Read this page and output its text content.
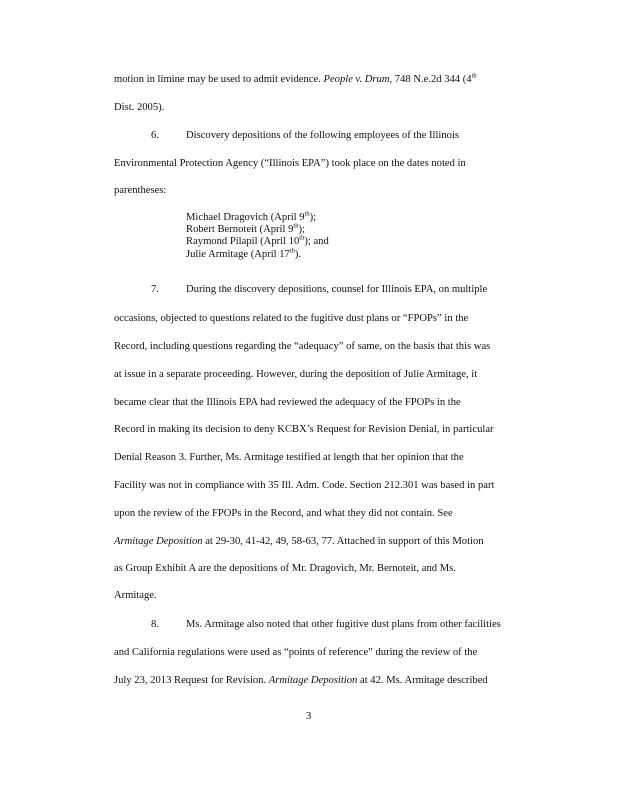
motion in limine may be used to admit evidence. People v. Drum, 748 N.e.2d 344 (4th
Dist. 2005).
6.	Discovery depositions of the following employees of the Illinois
Environmental Protection Agency (“Illinois EPA”) took place on the dates noted in
parentheses:
Michael Dragovich (April 9th);
Robert Bernoteit (April 9th);
Raymond Pilapil (April 10th); and
Julie Armitage (April 17th).
7.	During the discovery depositions, counsel for Illinois EPA, on multiple
occasions, objected to questions related to the fugitive dust plans or “FPOPs” in the
Record, including questions regarding the “adequacy” of same, on the basis that this was
at issue in a separate proceeding. However, during the deposition of Julie Armitage, it
became clear that the Illinois EPA had reviewed the adequacy of the FPOPs in the
Record in making its decision to deny KCBX’s Request for Revision Denial, in particular
Denial Reason 3. Further, Ms. Armitage testified at length that her opinion that the
Facility was not in compliance with 35 Ill. Adm. Code. Section 212.301 was based in part
upon the review of the FPOPs in the Record, and what they did not contain. See
Armitage Deposition at 29-30, 41-42, 49, 58-63, 77. Attached in support of this Motion
as Group Exhibit A are the depositions of Mr. Dragovich, Mr. Bernoteit, and Ms.
Armitage.
8.	Ms. Armitage also noted that other fugitive dust plans from other facilities
and California regulations were used as “points of reference” during the review of the
July 23, 2013 Request for Revision. Armitage Deposition at 42. Ms. Armitage described
3
